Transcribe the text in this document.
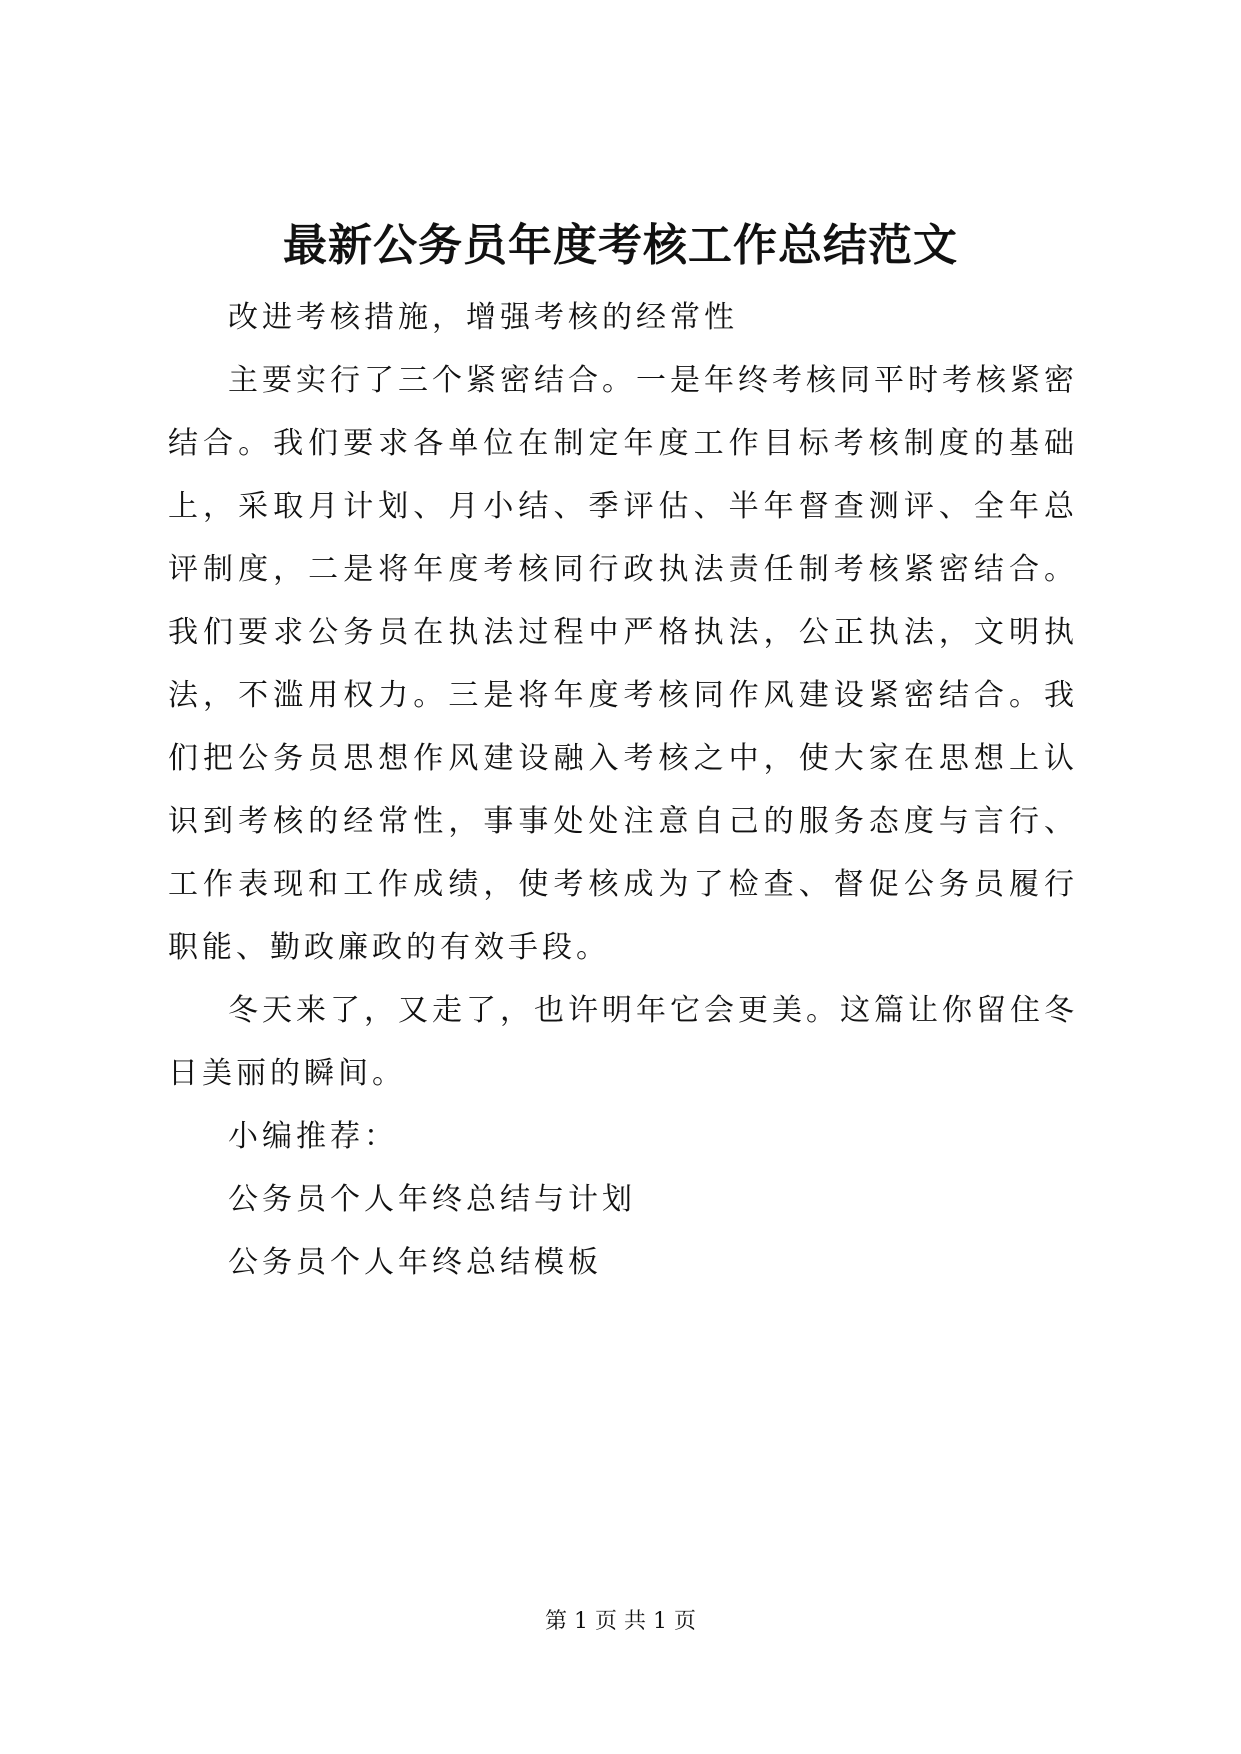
最新公务员年度考核工作总结范文

改进考核措施，增强考核的经常性

主要实行了三个紧密结合。一是年终考核同平时考核紧密结合。我们要求各单位在制定年度工作目标考核制度的基础上，采取月计划、月小结、季评估、半年督查测评、全年总评制度，二是将年度考核同行政执法责任制考核紧密结合。我们要求公务员在执法过程中严格执法，公正执法，文明执法，不滥用权力。三是将年度考核同作风建设紧密结合。我们把公务员思想作风建设融入考核之中，使大家在思想上认识到考核的经常性，事事处处注意自己的服务态度与言行、工作表现和工作成绩，使考核成为了检查、督促公务员履行职能、勤政廉政的有效手段。

冬天来了，又走了，也许明年它会更美。这篇让你留住冬日美丽的瞬间。

小编推荐：

公务员个人年终总结与计划

公务员个人年终总结模板

第 1 页 共 1 页
